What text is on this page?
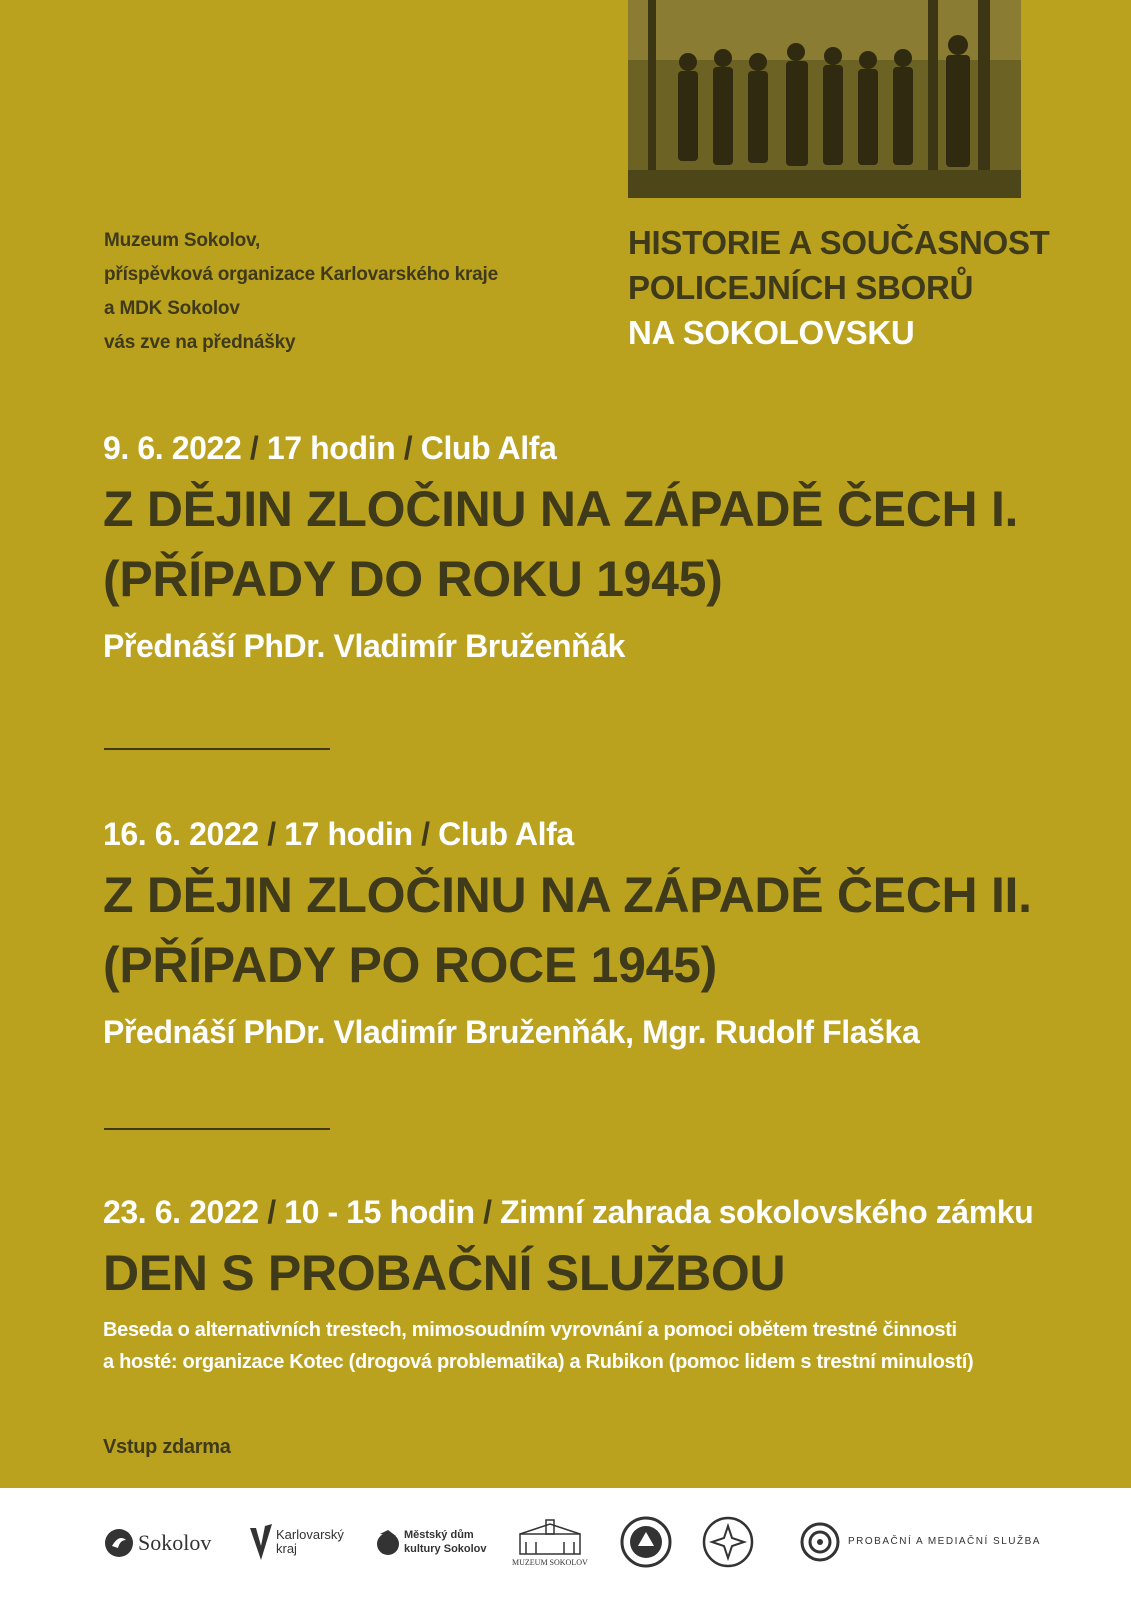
Muzeum Sokolov,
příspěvková organizace Karlovarského kraje
a MDK Sokolov
vás zve na přednášky
HISTORIE A SOUČASNOST
POLICEJNÍCH SBORŮ
NA SOKOLOVSKU
9. 6. 2022 / 17 hodin / Club Alfa
Z DĚJIN ZLOČINU NA ZÁPADĚ ČECH I.
(PŘÍPADY DO ROKU 1945)
Přednáší PhDr. Vladimír Bruženňák
16. 6. 2022 / 17 hodin / Club Alfa
Z DĚJIN ZLOČINU NA ZÁPADĚ ČECH II.
(PŘÍPADY PO ROCE 1945)
Přednáší PhDr. Vladimír Bruženňák, Mgr. Rudolf Flaška
23. 6. 2022 / 10 - 15 hodin / Zimní zahrada sokolovského zámku
DEN S PROBAČNÍ SLUŽBOU
Beseda o alternativních trestech, mimosoudním vyrovnání a pomoci obětem trestné činnosti
a hosté: organizace Kotec (drogová problematika) a Rubikon (pomoc lidem s trestní minulostí)
Vstup zdarma
Sokolov	Karlovarský
kraj
Městský dům
kultury Sokolov
MUZEUM SOKOLOV
PROBAČNÍ A MEDIAČNÍ SLUŽBA
